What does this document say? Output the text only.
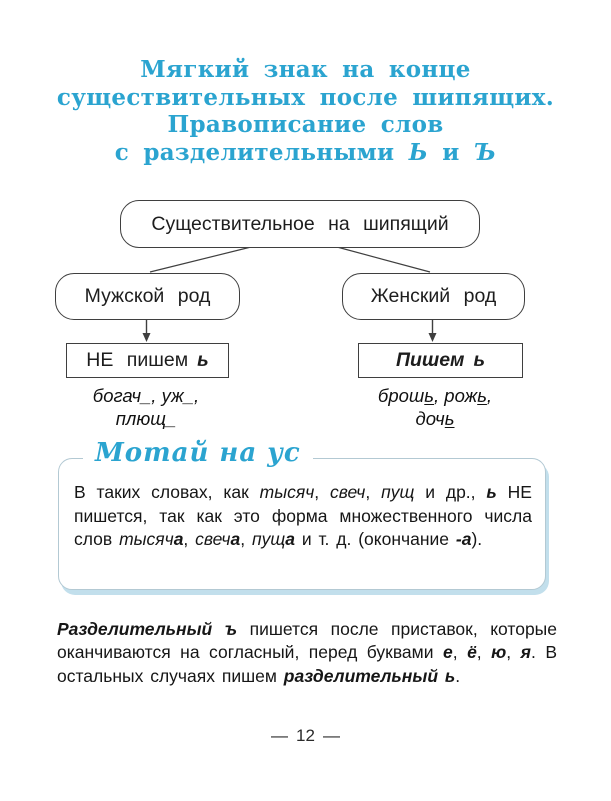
Мягкий знак на конце
существительных после шипящих.
Правописание слов
с разделительными Ь и Ъ
Существительное на шипящий
Мужской род	Женский род
НЕ пишем ь	Пишем ь
богач_, уж_,
плющ_
брошь, рожь,
дочь
Мотай на ус
В таких словах, как тысяч, свеч, пущ и др., ь НЕ пишется, так как это форма множественного числа слов тысяча, свеча, пуща и т. д. (окончание -а).
Разделительный ъ пишется после приставок, которые оканчиваются на согласный, перед буквами е, ё, ю, я. В остальных случаях пишем разделительный ь.
— 12 —
